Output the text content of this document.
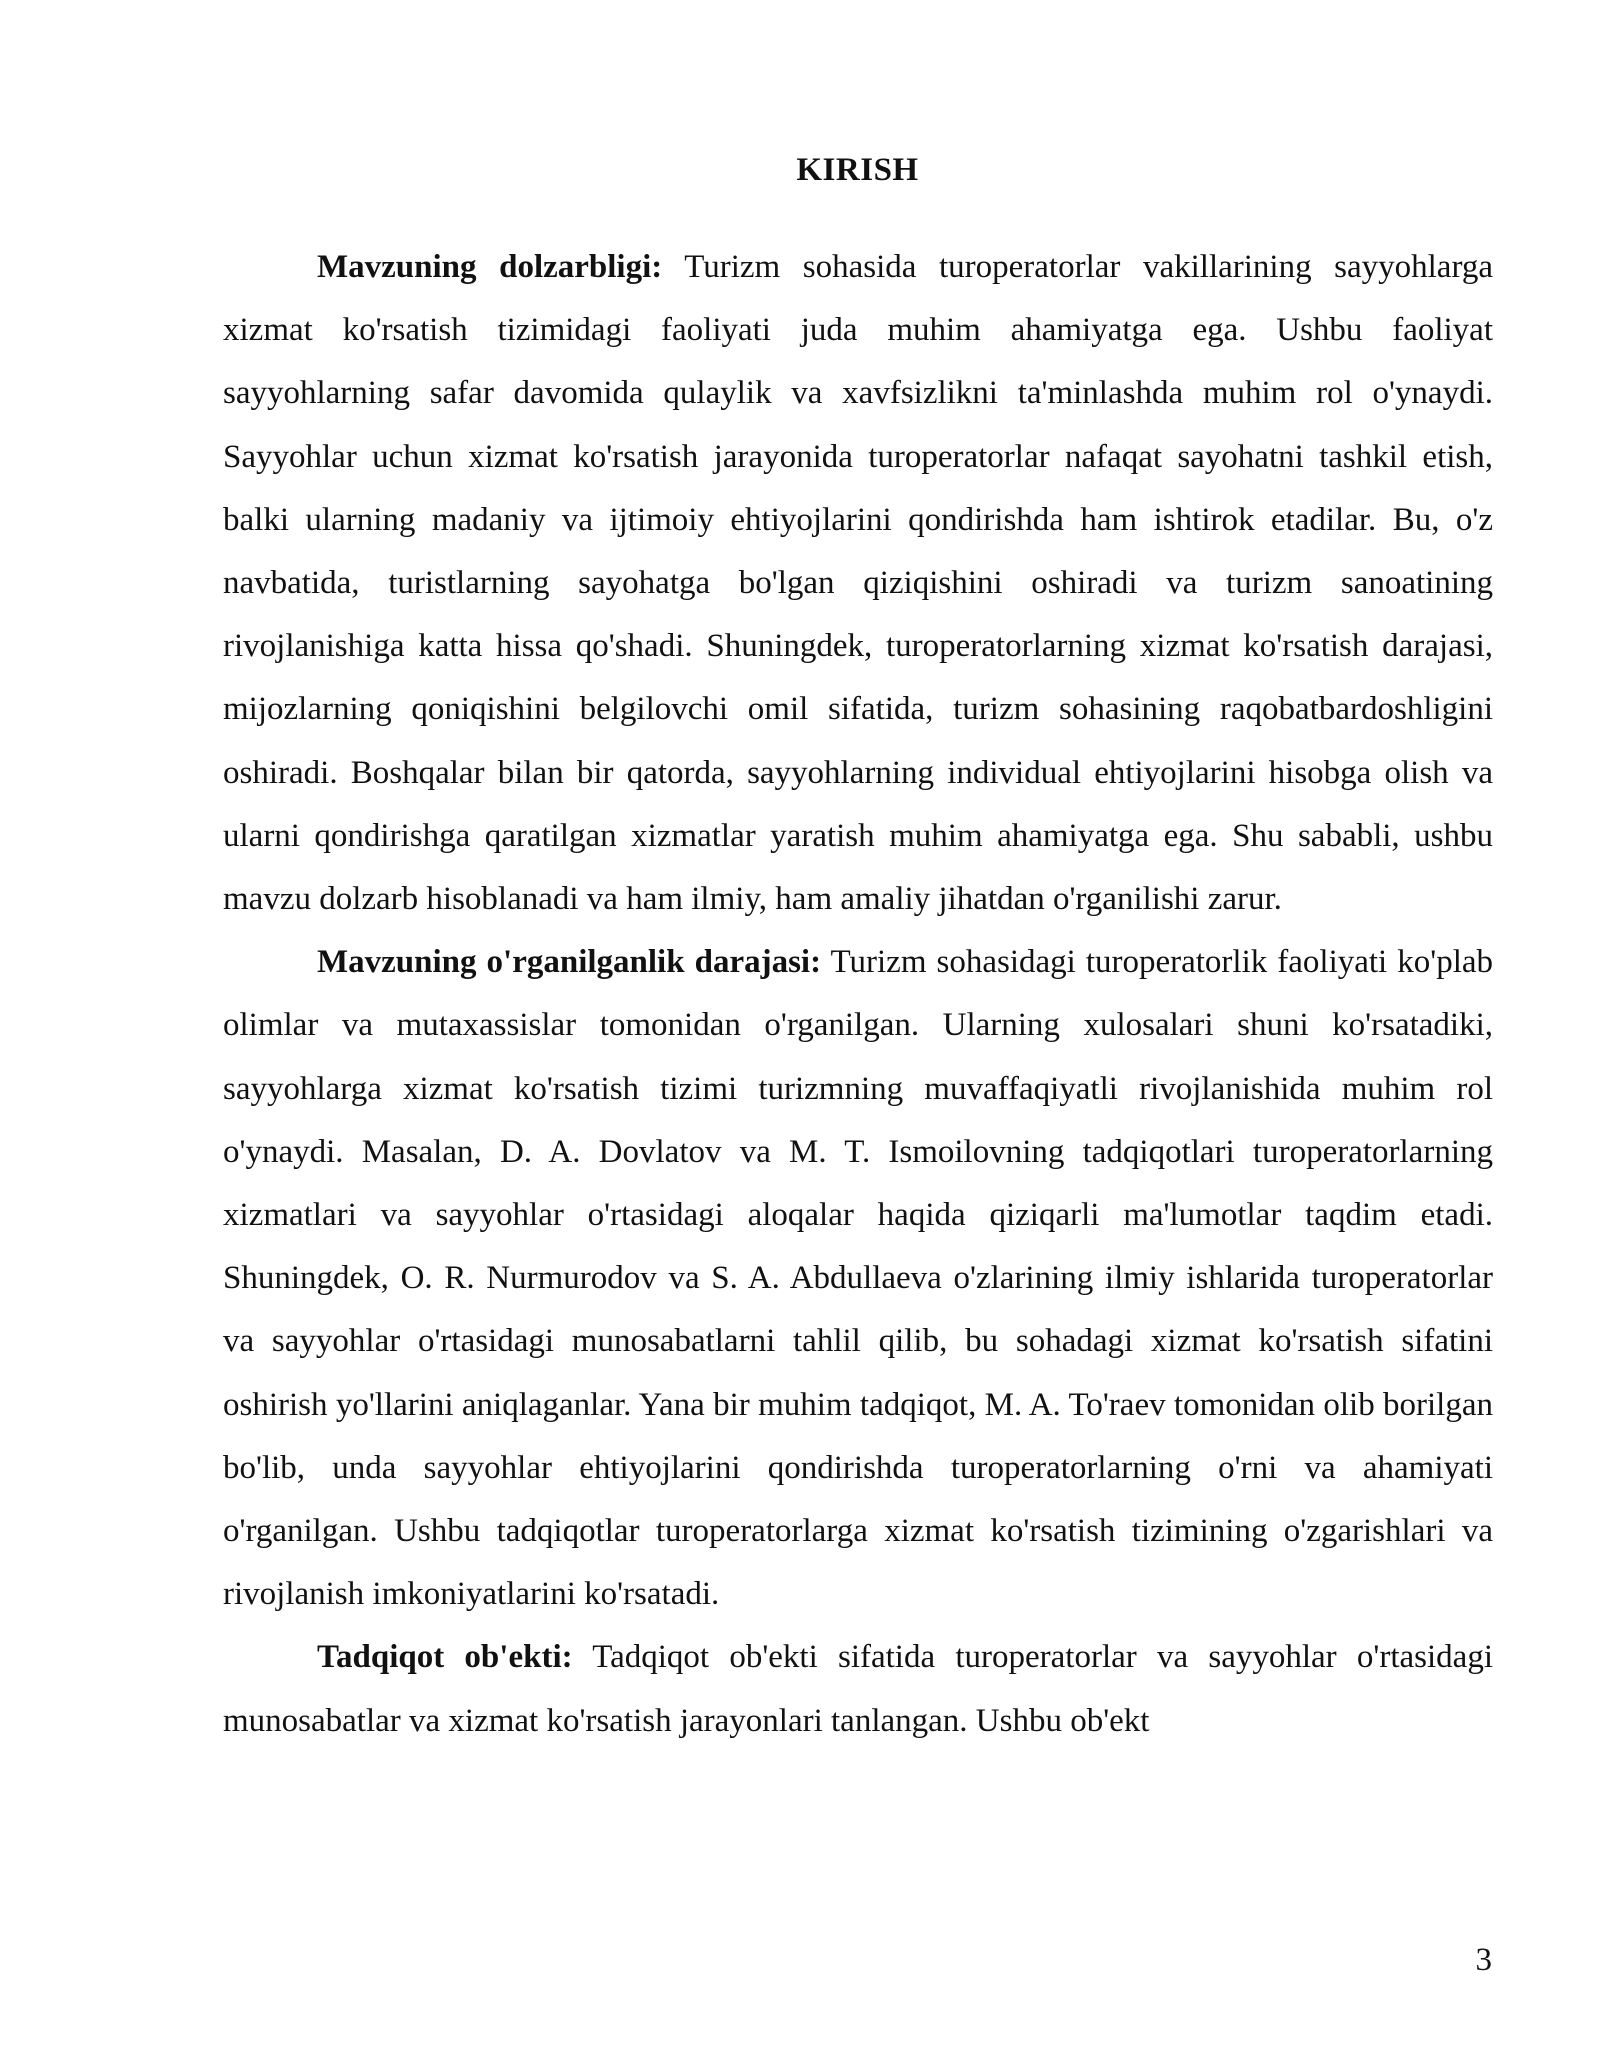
KIRISH

Mavzuning dolzarbligi: Turizm sohasida turoperatorlar vakillarining sayyohlarga xizmat ko'rsatish tizimidagi faoliyati juda muhim ahamiyatga ega. Ushbu faoliyat sayyohlarning safar davomida qulaylik va xavfsizlikni ta'minlashda muhim rol o'ynaydi. Sayyohlar uchun xizmat ko'rsatish jarayonida turoperatorlar nafaqat sayohatni tashkil etish, balki ularning madaniy va ijtimoiy ehtiyojlarini qondirishda ham ishtirok etadilar. Bu, o'z navbatida, turistlarning sayohatga bo'lgan qiziqishini oshiradi va turizm sanoatining rivojlanishiga katta hissa qo'shadi. Shuningdek, turoperatorlarning xizmat ko'rsatish darajasi, mijozlarning qoniqishini belgilovchi omil sifatida, turizm sohasining raqobatbardoshligini oshiradi. Boshqalar bilan bir qatorda, sayyohlarning individual ehtiyojlarini hisobga olish va ularni qondirishga qaratilgan xizmatlar yaratish muhim ahamiyatga ega. Shu sababli, ushbu mavzu dolzarb hisoblanadi va ham ilmiy, ham amaliy jihatdan o'rganilishi zarur.

Mavzuning o'rganilganlik darajasi: Turizm sohasidagi turoperatorlik faoliyati ko'plab olimlar va mutaxassislar tomonidan o'rganilgan. Ularning xulosalari shuni ko'rsatadiki, sayyohlarga xizmat ko'rsatish tizimi turizmning muvaffaqiyatli rivojlanishida muhim rol o'ynaydi. Masalan, D. A. Dovlatov va M. T. Ismoilovning tadqiqotlari turoperatorlarning xizmatlari va sayyohlar o'rtasidagi aloqalar haqida qiziqarli ma'lumotlar taqdim etadi. Shuningdek, O. R. Nurmurodov va S. A. Abdullaeva o'zlarining ilmiy ishlarida turoperatorlar va sayyohlar o'rtasidagi munosabatlarni tahlil qilib, bu sohadagi xizmat ko'rsatish sifatini oshirish yo'llarini aniqlaganlar. Yana bir muhim tadqiqot, M. A. To'raev tomonidan olib borilgan bo'lib, unda sayyohlar ehtiyojlarini qondirishda turoperatorlarning o'rni va ahamiyati o'rganilgan. Ushbu tadqiqotlar turoperatorlarga xizmat ko'rsatish tizimining o'zgarishlari va rivojlanish imkoniyatlarini ko'rsatadi.

Tadqiqot ob'ekti: Tadqiqot ob'ekti sifatida turoperatorlar va sayyohlar o'rtasidagi munosabatlar va xizmat ko'rsatish jarayonlari tanlangan. Ushbu ob'ekt

3
